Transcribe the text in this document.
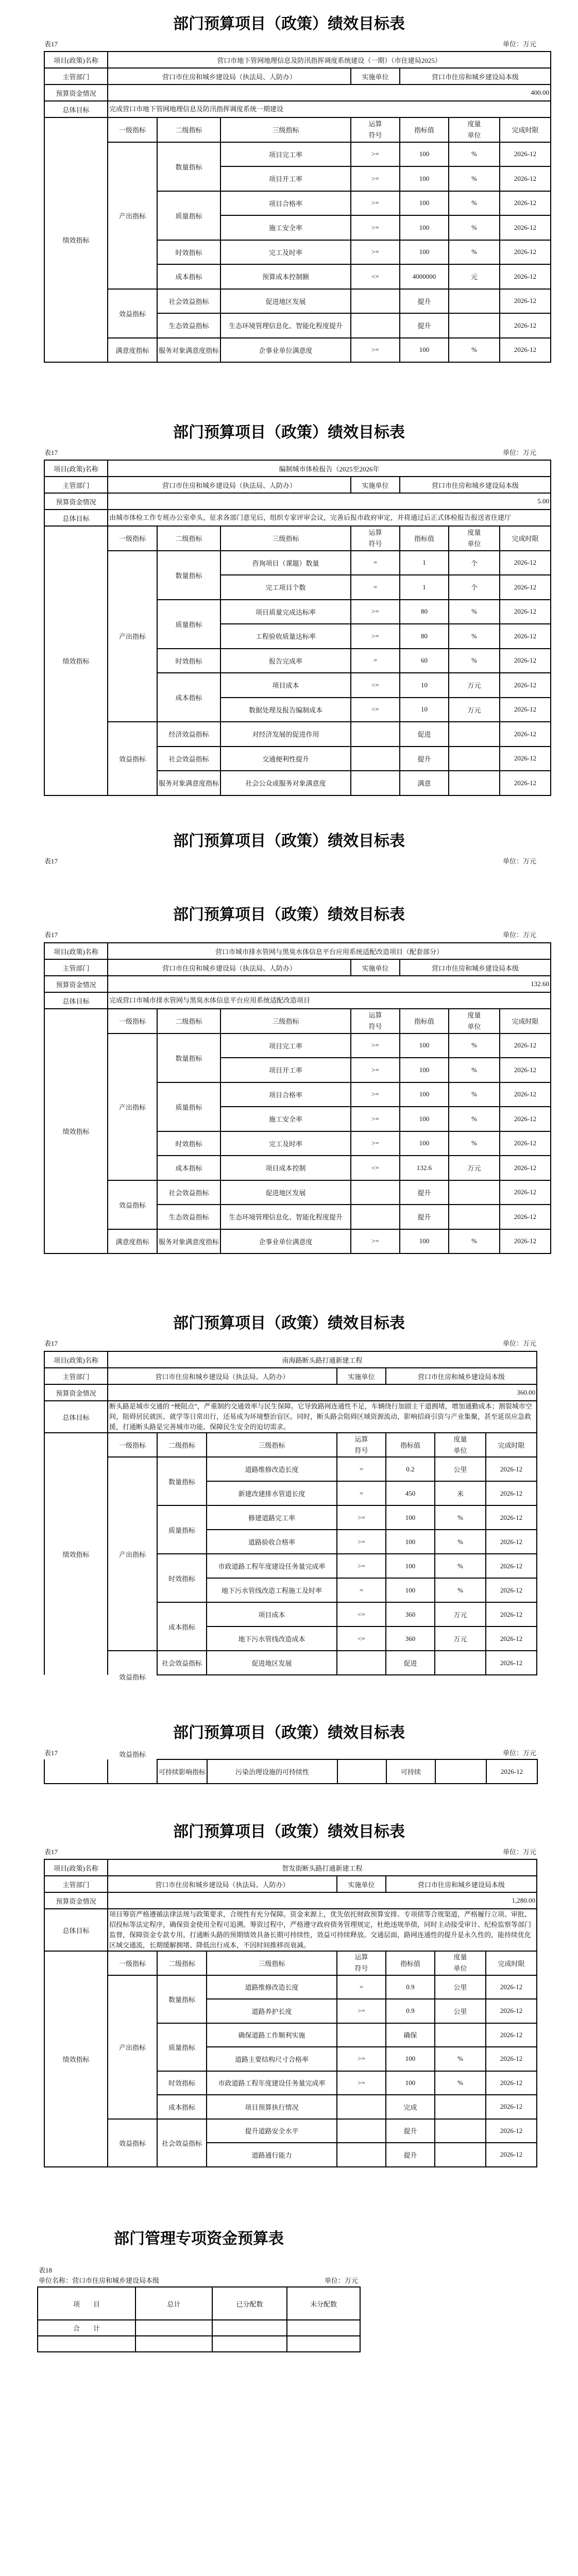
部门预算项目（政策）绩效目标表
表17	单位：万元
项目(政策)名称	营口市地下管网地理信息及防汛指挥调度系统建设（一期）（市住建局2025）						
主管部门	营口市住房和城乡建设局（执法局、人防办）			实施单位	营口市住房和城乡建设局本级		
预算资金情况	400.00						
总体目标	完成营口市地下管网地理信息及防汛指挥调度系统一期建设						
绩效指标	一级指标	二级指标	三级指标	运算符号	指标值	度量单位	完成时限
	产出指标	数量指标	项目完工率	>=	100	%	2026-12
			项目开工率	>=	100	%	2026-12
		质量指标	项目合格率	>=	100	%	2026-12
			施工安全率	>=	100	%	2026-12
		时效指标	完工及时率	>=	100	%	2026-12
		成本指标	预算成本控制额	<=	4000000	元	2026-12
	效益指标	社会效益指标	促进地区发展		提升		2026-12
		生态效益指标	生态环境管理信息化、智能化程度提升		提升		2026-12
	满意度指标	服务对象满意度指标	企事业单位满意度	>=	100	%	2026-12
部门预算项目（政策）绩效目标表
表17	单位：万元
项目(政策)名称	编制城市体检报告（2025至2026年						
主管部门	营口市住房和城乡建设局（执法局、人防办）			实施单位	营口市住房和城乡建设局本级		
预算资金情况	5.00						
总体目标	由城市体检工作专班办公室牵头，征求各部门意见后，组织专家评审会议，完善后报市政府审定，并将通过后正式体检报告报送省住建厅						
绩效指标	一级指标	二级指标	三级指标	运算符号	指标值	度量单位	完成时限
	产出指标	数量指标	咨询项目（课题）数量	=	1	个	2026-12
			完工项目个数	=	1	个	2026-12
		质量指标	项目质量完成达标率	>=	80	%	2026-12
			工程验收质量达标率	>=	80	%	2026-12
		时效指标	报告完成率	=	60	%	2026-12
		成本指标	项目成本	<=	10	万元	2026-12
			数据处理及报告编制成本	<=	10	万元	2026-12
	效益指标	经济效益指标	对经济发展的促进作用		促进		2026-12
		社会效益指标	交通便利性提升		提升		2026-12
		服务对象满意度指标	社会公众或服务对象满意度		满意		2026-12
部门预算项目（政策）绩效目标表
表17	单位：万元
部门预算项目（政策）绩效目标表
表17	单位：万元
项目(政策)名称	营口市城市排水管网与黑臭水体信息平台应用系统适配改造项目（配套部分）						
主管部门	营口市住房和城乡建设局（执法局、人防办）			实施单位	营口市住房和城乡建设局本级		
预算资金情况	132.60						
总体目标	完成营口市城市排水管网与黑臭水体信息平台应用系统适配改造项目						
绩效指标	一级指标	二级指标	三级指标	运算符号	指标值	度量单位	完成时限
	产出指标	数量指标	项目完工率	>=	100	%	2026-12
			项目开工率	>=	100	%	2026-12
		质量指标	项目合格率	>=	100	%	2026-12
			施工安全率	>=	100	%	2026-12
		时效指标	完工及时率	>=	100	%	2026-12
		成本指标	项目成本控制	<=	132.6	万元	2026-12
	效益指标	社会效益指标	促进地区发展		提升		2026-12
		生态效益指标	生态环境管理信息化、智能化程度提升		提升		2026-12
	满意度指标	服务对象满意度指标	企事业单位满意度	>=	100	%	2026-12
部门预算项目（政策）绩效目标表
表17	单位：万元
项目(政策)名称	南海路断头路打通新建工程						
主管部门	营口市住房和城乡建设局（执法局、人防办）			实施单位	营口市住房和城乡建设局本级		
预算资金情况	360.00						
总体目标	断头路是城市交通的 “梗阻点”，严重制约交通效率与民生保障。它导致路网连通性不足，车辆绕行加剧主干道拥堵，增加通勤成本；割裂城市空间，阻碍居民就医、就学等日常出行，还易成为环境整治盲区。同时，断头路会阻碍区域资源流动，影响招商引资与产业集聚，甚至延误应急救援，打通断头路是完善城市功能、保障民生安全的迫切需求。						
绩效指标	一级指标	二级指标	三级指标	运算符号	指标值	度量单位	完成时限
	产出指标	数量指标	道路维修改造长度	=	0.2	公里	2026-12
			新建改建排水管道长度	=	450	米	2026-12
		质量指标	修建道路完工率	>=	100	%	2026-12
			道路验收合格率	>=	100	%	2026-12
		时效指标	市政道路工程年度建设任务量完成率	>=	100	%	2026-12
			地下污水管线改造工程施工及时率	=	100	%	2026-12
		成本指标	项目成本	<=	360	万元	2026-12
			地下污水管线改造成本	<=	360	万元	2026-12
	效益指标	社会效益指标	促进地区发展		促进		2026-12
部门预算项目（政策）绩效目标表
表17	单位：万元
	效益指标	可持续影响指标	污染治理设施的可持续性		可持续		2026-12
部门预算项目（政策）绩效目标表
表17	单位：万元
项目(政策)名称	智发街断头路打通新建工程						
主管部门	营口市住房和城乡建设局（执法局、人防办）			实施单位	营口市住房和城乡建设局本级		
预算资金情况	1,280.00						
总体目标	项目筹资严格遵循法律法规与政策要求，合规性有充分保障。资金来源上，优先依托财政预算安排、专项债等合规渠道，严格履行立项、审批、招投标等法定程序，确保资金使用全程可追溯。筹资过程中，严格遵守政府债务管理规定，杜绝违规举债，同时主动接受审计、纪检监察等部门监督，保障资金专款专用。打通断头路的预期绩效具备长期可持续性，效益可持续释放。交通层面，路网连通性的提升是永久性的，能持续优化区域交通流，长期缓解拥堵、降低出行成本，不因时间推移而衰减。						
绩效指标	一级指标	二级指标	三级指标	运算符号	指标值	度量单位	完成时限
	产出指标	数量指标	道路维修改造长度	=	0.9	公里	2026-12
			道路养护长度	>=	0.9	公里	2026-12
		质量指标	确保道路工作顺利实施		确保		2026-12
			道路主要结构尺寸合格率	>=	100	%	2026-12
		时效指标	市政道路工程年度建设任务量完成率	>=	100	%	2026-12
		成本指标	项目预算执行情况		完成		2026-12
	效益指标	社会效益指标	提升道路安全水平		提升		2026-12
			道路通行能力		提升		2026-12
部门管理专项资金预算表
表18
单位名称：营口市住房和城乡建设局本级	单位：万元
项　　目	总计	已分配数	未分配数
合　　计			
